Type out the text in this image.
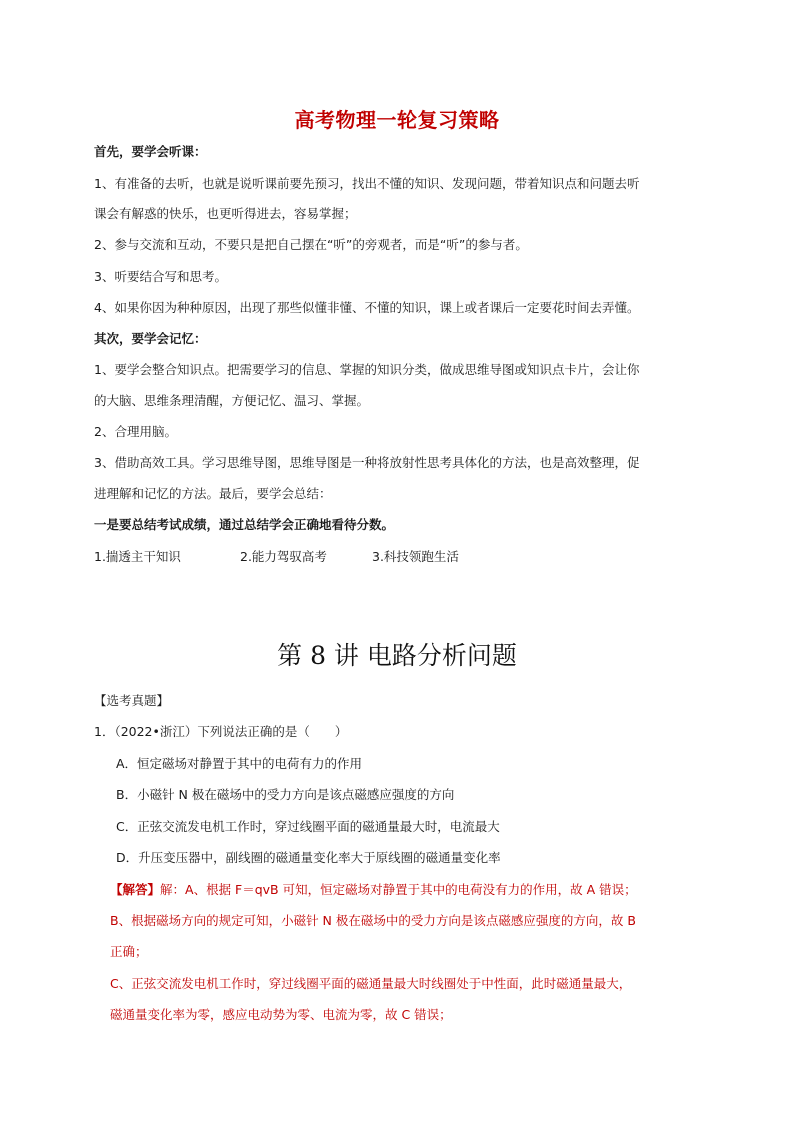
高考物理一轮复习策略
首先，要学会听课：
1、有准备的去听，也就是说听课前要先预习，找出不懂的知识、发现问题，带着知识点和问题去听
课会有解惑的快乐，也更听得进去，容易掌握；
2、参与交流和互动，不要只是把自己摆在“听”的旁观者，而是“听”的参与者。
3、听要结合写和思考。
4、如果你因为种种原因，出现了那些似懂非懂、不懂的知识，课上或者课后一定要花时间去弄懂。
其次，要学会记忆：
1、要学会整合知识点。把需要学习的信息、掌握的知识分类，做成思维导图或知识点卡片，会让你
的大脑、思维条理清醒，方便记忆、温习、掌握。
2、合理用脑。
3、借助高效工具。学习思维导图，思维导图是一种将放射性思考具体化的方法，也是高效整理，促
进理解和记忆的方法。最后，要学会总结：
一是要总结考试成绩，通过总结学会正确地看待分数。
1.揣透主干知识	2.能力驾驭高考	3.科技领跑生活
第 8 讲 电路分析问题
【选考真题】
1．（2022•浙江）下列说法正确的是（　　）
A．恒定磁场对静置于其中的电荷有力的作用
B．小磁针 N 极在磁场中的受力方向是该点磁感应强度的方向
C．正弦交流发电机工作时，穿过线圈平面的磁通量最大时，电流最大
D．升压变压器中，副线圈的磁通量变化率大于原线圈的磁通量变化率
【解答】解：A、根据 F＝qvB 可知，恒定磁场对静置于其中的电荷没有力的作用，故 A 错误；
B、根据磁场方向的规定可知，小磁针 N 极在磁场中的受力方向是该点磁感应强度的方向，故 B
正确；
C、正弦交流发电机工作时，穿过线圈平面的磁通量最大时线圈处于中性面，此时磁通量最大，
磁通量变化率为零，感应电动势为零、电流为零，故 C 错误；
